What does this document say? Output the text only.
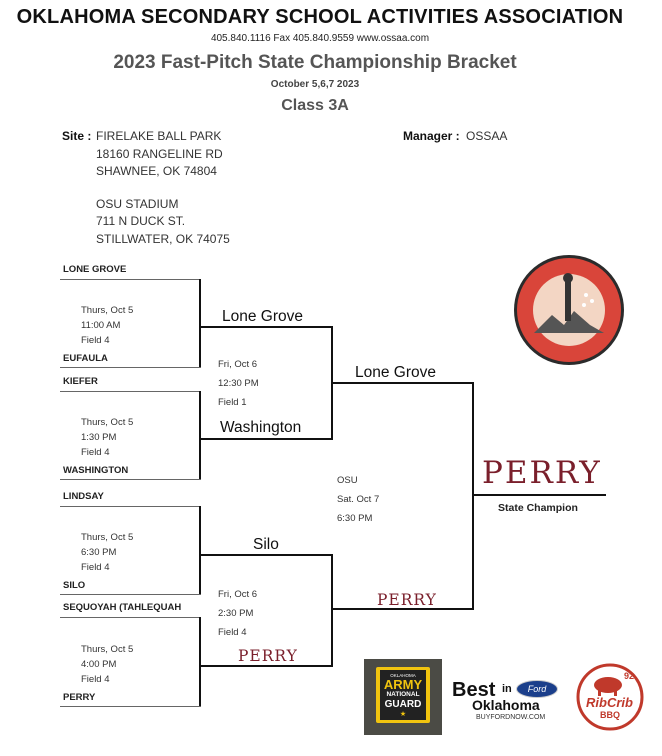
OKLAHOMA SECONDARY SCHOOL ACTIVITIES ASSOCIATION
405.840.1116 Fax 405.840.9559 www.ossaa.com
2023 Fast-Pitch State Championship Bracket
October 5,6,7 2023
Class 3A
Site : FIRELAKE BALL PARK
18160 RANGELINE RD
SHAWNEE, OK 74804
OSU STADIUM
711 N DUCK ST.
STILLWATER, OK 74075
Manager : OSSAA
LONE GROVE
EUFAULA
KIEFER
WASHINGTON
LINDSAY
SILO
SEQUOYAH (TAHLEQUAH
PERRY
Thurs, Oct 5
11:00 AM
Field 4
Thurs, Oct 5
1:30 PM
Field 4
Thurs, Oct 5
6:30 PM
Field 4
Thurs, Oct 5
4:00 PM
Field 4
Lone Grove
Washington
Silo
PERRY
Fri, Oct 6
12:30 PM
Field 1
Fri, Oct 6
2:30 PM
Field 4
Lone Grove
PERRY
OSU
Sat. Oct 7
6:30 PM
PERRY
State Champion
OKLAHOMA
ARMY
NATIONAL
GUARD
★
Best in
Oklahoma
Ford
BUYFORDNOW.COM
92
RibCrib
BBQ
